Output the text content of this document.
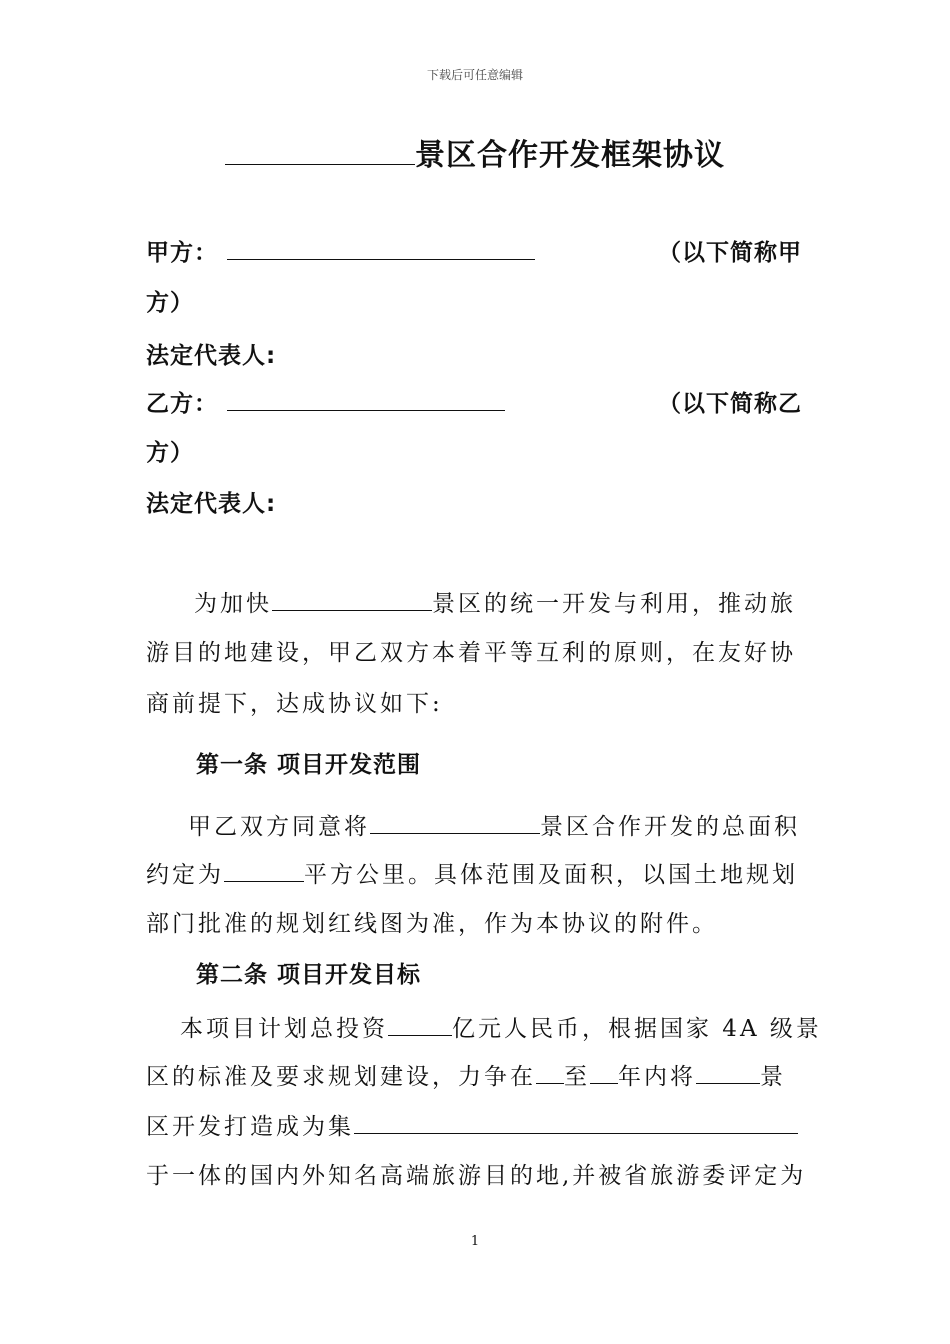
下载后可任意编辑
景区合作开发框架协议
甲方：	（以下简称甲
方）
法定代表人:
乙方：	（以下简称乙
方）
法定代表人:
为加快	景区的统一开发与利用，推动旅
游目的地建设，甲乙双方本着平等互利的原则，在友好协
商前提下，达成协议如下:
第一条 项目开发范围
甲乙双方同意将	景区合作开发的总面积
约定为	平方公里。具体范围及面积，以国土地规划
部门批准的规划红线图为准，作为本协议的附件。
第二条 项目开发目标
本项目计划总投资	亿元人民币，根据国家 4A 级景
区的标准及要求规划建设，力争在 至 年内将	景
区开发打造成为集
于一体的国内外知名高端旅游目的地,并被省旅游委评定为
1
